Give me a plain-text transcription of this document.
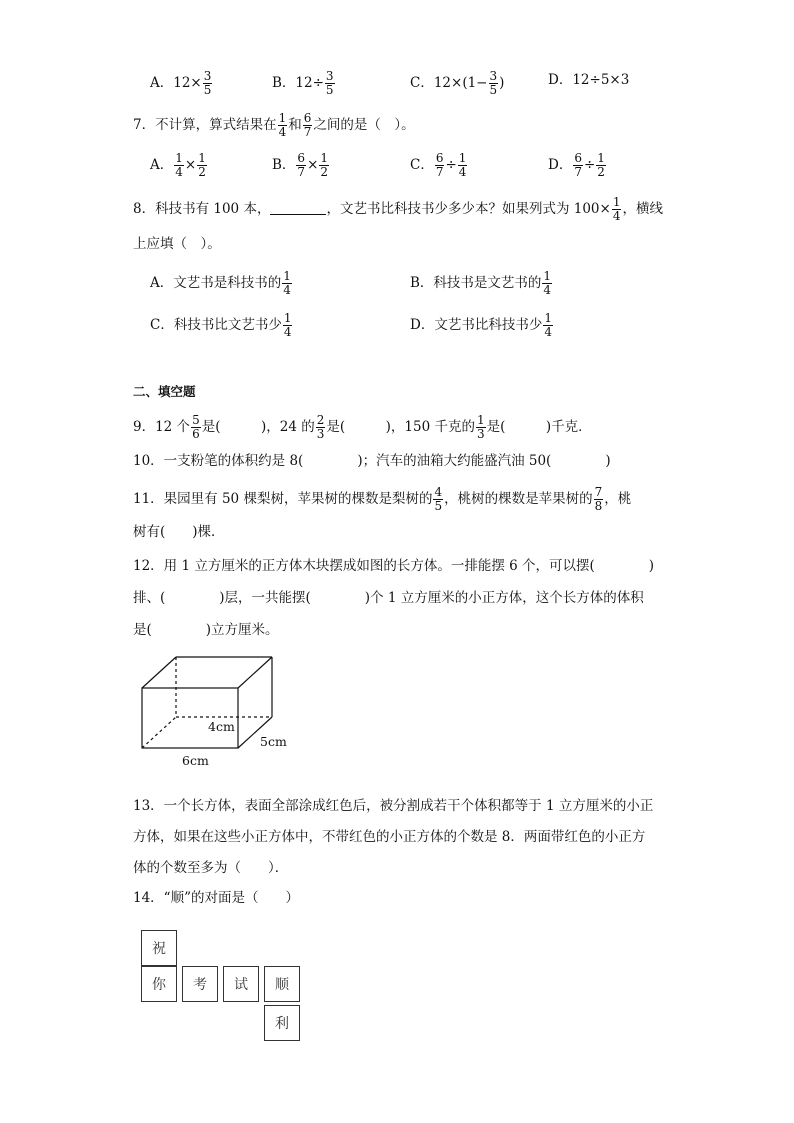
A．$12\times \frac{3}{5}$	B．$12\div \frac{3}{5}$	C．$12\times(1- \frac{3}{5}$ )	D．12÷5×3
7．不计算，算式结果在 $\frac{1}{4}$ 和 $\frac{6}{7}$ 之间的是（　）。
A． $\frac{1}{4} \times \frac{1}{2}$	B． $\frac{6}{7} \times \frac{1}{2}$	C． $\frac{6}{7} \div \frac{1}{4}$	D． $\frac{6}{7} \div \frac{1}{2}$
8．科技书有 100 本，	，文艺书比科技书少多少本？如果列式为 $100\times \frac{1}{4}$ ，横线
上应填（　）。
A．文艺书是科技书的 $\frac{1}{4}$	B．科技书是文艺书的 $\frac{1}{4}$
C．科技书比文艺书少 $\frac{1}{4}$	D．文艺书比科技书少 $\frac{1}{4}$
二、填空题
9．12 个 $\frac{5}{6}$ 是(　　　)，24 的 $\frac{2}{3}$ 是(　　　)，150 千克的 $\frac{1}{3}$ 是(　　　)千克．
10．一支粉笔的体积约是 8(　　　　)；汽车的油箱大约能盛汽油 50(　　　　)
11．果园里有 50 棵梨树，苹果树的棵数是梨树的 $\frac{4}{5}$ ，桃树的棵数是苹果树的 $\frac{7}{8}$ ，桃
树有(　　)棵．
12．用 1 立方厘米的正方体木块摆成如图的长方体。一排能摆 6 个，可以摆(　　　　)
排、(　　　　)层，一共能摆(　　　　)个 1 立方厘米的小正方体，这个长方体的体积
是(　　　　)立方厘米。
4cm
5cm
6cm
13．一个长方体，表面全部涂成红色后，被分割成若干个体积都等于 1 立方厘米的小正
方体，如果在这些小正方体中，不带红色的小正方体的个数是 8．两面带红色的小正方
体的个数至多为（　　）．
14．“顺”的对面是（　　）
祝
你	考	试	顺
利
